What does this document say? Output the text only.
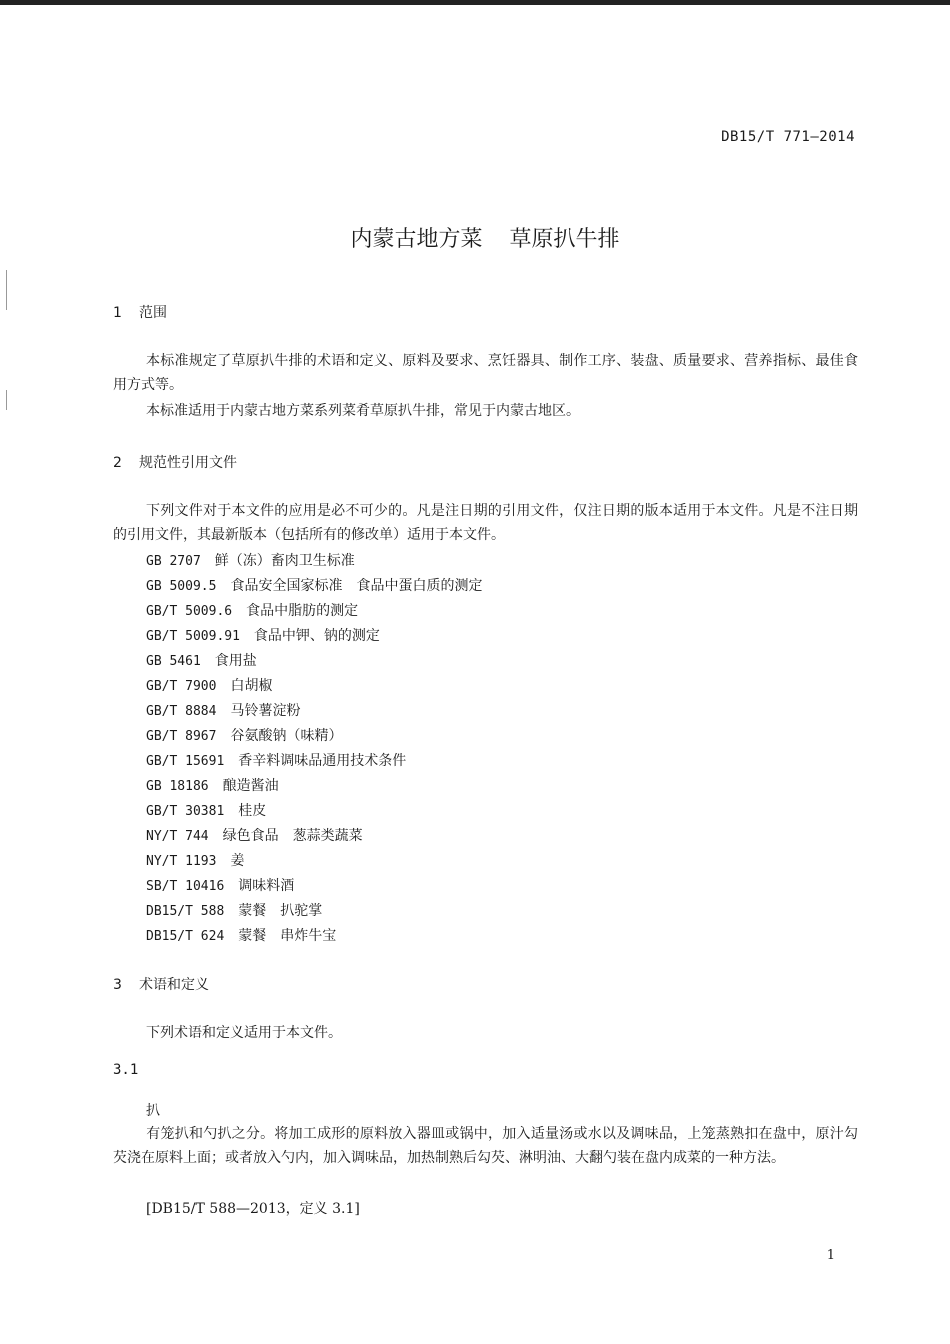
DB15/T 771—2014
内蒙古地方菜 草原扒牛排
1 范围
本标准规定了草原扒牛排的术语和定义、原料及要求、烹饪器具、制作工序、装盘、质量要求、营养指标、最佳食用方式等。
本标准适用于内蒙古地方菜系列菜肴草原扒牛排，常见于内蒙古地区。
2 规范性引用文件
下列文件对于本文件的应用是必不可少的。凡是注日期的引用文件，仅注日期的版本适用于本文件。凡是不注日期的引用文件，其最新版本（包括所有的修改单）适用于本文件。
GB 2707 鲜（冻）畜肉卫生标准
GB 5009.5 食品安全国家标准　食品中蛋白质的测定
GB/T 5009.6 食品中脂肪的测定
GB/T 5009.91 食品中钾、钠的测定
GB 5461 食用盐
GB/T 7900 白胡椒
GB/T 8884 马铃薯淀粉
GB/T 8967 谷氨酸钠（味精）
GB/T 15691 香辛料调味品通用技术条件
GB 18186 酿造酱油
GB/T 30381 桂皮
NY/T 744 绿色食品　葱蒜类蔬菜
NY/T 1193 姜
SB/T 10416 调味料酒
DB15/T 588 蒙餐　扒驼掌
DB15/T 624 蒙餐　串炸牛宝
3 术语和定义
下列术语和定义适用于本文件。
3.1
扒
有笼扒和勺扒之分。将加工成形的原料放入器皿或锅中，加入适量汤或水以及调味品，上笼蒸熟扣在盘中，原汁勾芡浇在原料上面；或者放入勺内，加入调味品，加热制熟后勾芡、淋明油、大翻勺装在盘内成菜的一种方法。
[DB15/T 588—2013，定义 3.1]
1
